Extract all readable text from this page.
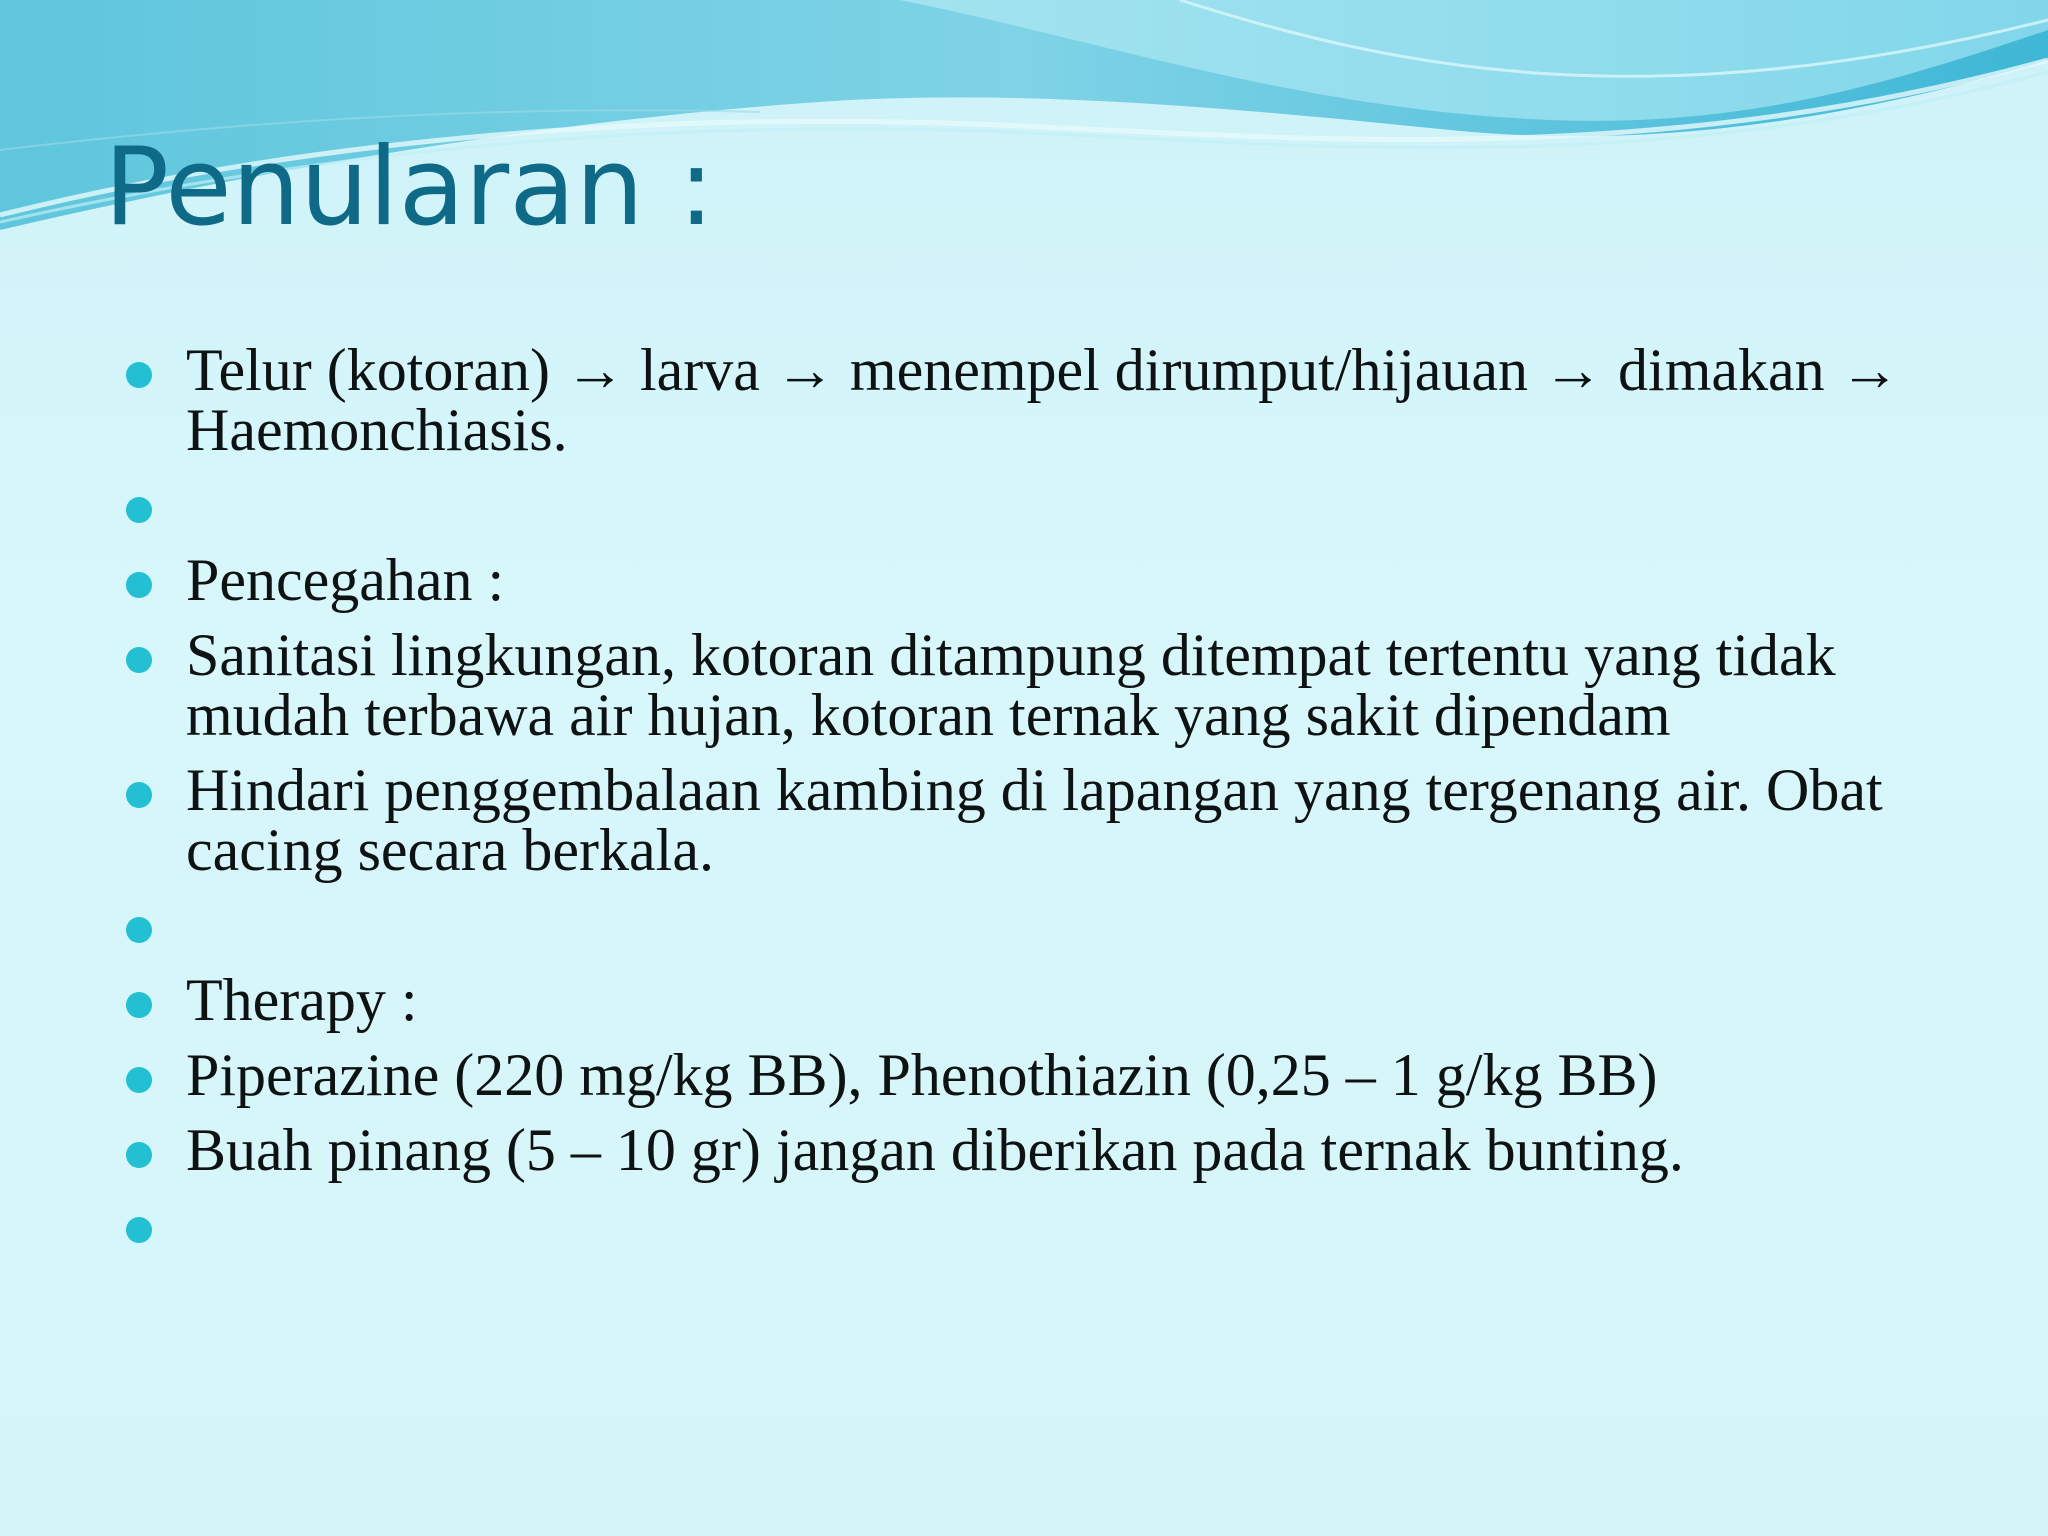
Penularan :
Telur (kotoran) → larva → menempel dirumput/hijauan → dimakan → Haemonchiasis.
Pencegahan :
Sanitasi lingkungan, kotoran ditampung ditempat tertentu yang tidak mudah terbawa air hujan, kotoran ternak yang sakit dipendam
Hindari penggembalaan kambing di lapangan yang tergenang air. Obat cacing secara berkala.
Therapy :
Piperazine (220 mg/kg BB), Phenothiazin (0,25 – 1 g/kg BB)
Buah pinang (5 – 10 gr) jangan diberikan pada ternak bunting.
